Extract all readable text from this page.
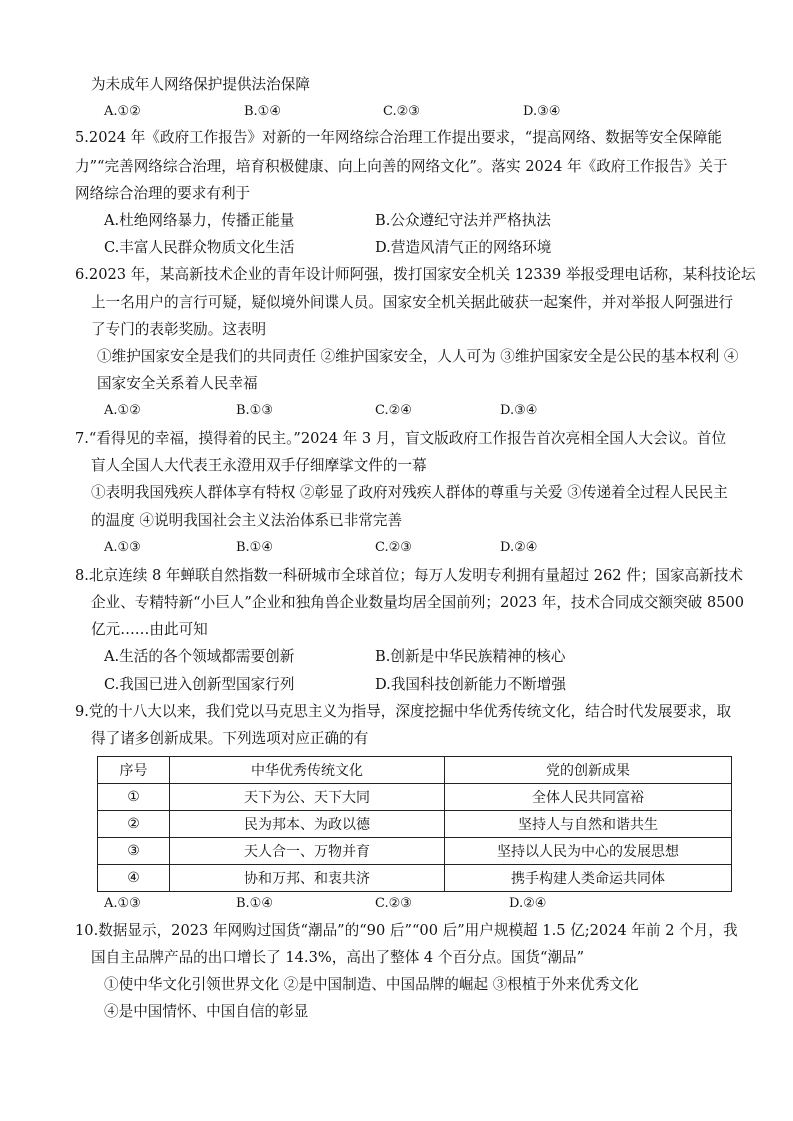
为未成年人网络保护提供法治保障
A.①②	B.①④	C.②③	D.③④
5.2024 年《政府工作报告》对新的一年网络综合治理工作提出要求，“提高网络、数据等安全保障能
力”“完善网络综合治理，培育积极健康、向上向善的网络文化”。落实 2024 年《政府工作报告》关于
网络综合治理的要求有利于
A.杜绝网络暴力，传播正能量	B.公众遵纪守法并严格执法
C.丰富人民群众物质文化生活	D.营造风清气正的网络环境
6.2023 年，某高新技术企业的青年设计师阿强，拨打国家安全机关 12339 举报受理电话称，某科技论坛
上一名用户的言行可疑，疑似境外间谍人员。国家安全机关据此破获一起案件，并对举报人阿强进行
了专门的表彰奖励。这表明
①维护国家安全是我们的共同责任 ②维护国家安全，人人可为 ③维护国家安全是公民的基本权利 ④
国家安全关系着人民幸福
A.①②	B.①③	C.②④	D.③④
7.“看得见的幸福，摸得着的民主。”2024 年 3 月，盲文版政府工作报告首次亮相全国人大会议。首位
盲人全国人大代表王永澄用双手仔细摩挲文件的一幕
①表明我国残疾人群体享有特权 ②彰显了政府对残疾人群体的尊重与关爱 ③传递着全过程人民民主
的温度 ④说明我国社会主义法治体系已非常完善
A.①③	B.①④	C.②③	D.②④
8.北京连续 8 年蝉联自然指数一科研城市全球首位；每万人发明专利拥有量超过 262 件；国家高新技术
企业、专精特新“小巨人”企业和独角兽企业数量均居全国前列；2023 年，技术合同成交额突破 8500
亿元……由此可知
A.生活的各个领域都需要创新	B.创新是中华民族精神的核心
C.我国已进入创新型国家行列	D.我国科技创新能力不断增强
9.党的十八大以来，我们党以马克思主义为指导，深度挖掘中华优秀传统文化，结合时代发展要求，取
得了诸多创新成果。下列选项对应正确的有
序号	中华优秀传统文化	党的创新成果
①	天下为公、天下大同	全体人民共同富裕
②	民为邦本、为政以德	坚持人与自然和谐共生
③	天人合一、万物并育	坚持以人民为中心的发展思想
④	协和万邦、和衷共济	携手构建人类命运共同体
A.①③	B.①④	C.②③	D.②④
10.数据显示，2023 年网购过国货“潮品”的“90 后”“00 后”用户规模超 1.5 亿;2024 年前 2 个月，我
国自主品牌产品的出口增长了 14.3%，高出了整体 4 个百分点。国货“潮品”
①使中华文化引领世界文化 ②是中国制造、中国品牌的崛起 ③根植于外来优秀文化
④是中国情怀、中国自信的彰显
